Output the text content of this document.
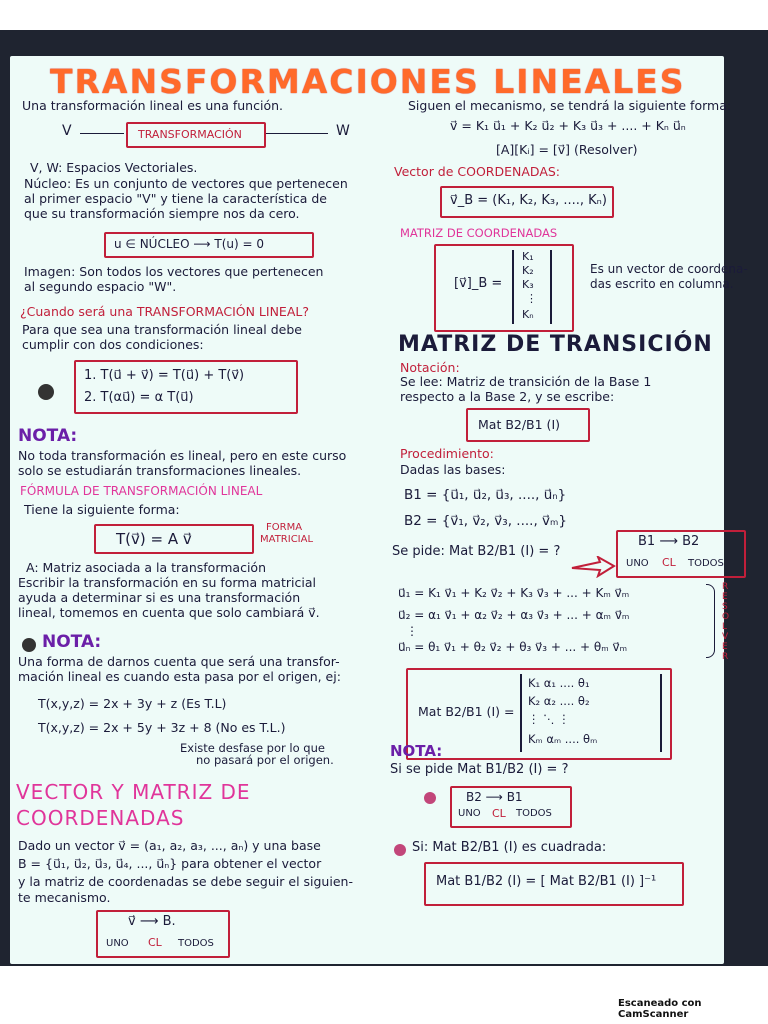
TRANSFORMACIONES LINEALES
Una transformación lineal es una función.
V	TRANSFORMACIÓN	W
V, W: Espacios Vectoriales.
Núcleo: Es un conjunto de vectores que pertenecen
al primer espacio "V" y tiene la característica de
que su transformación siempre nos da cero.
u ∈ NÚCLEO ⟶ T(u) = 0
Imagen: Son todos los vectores que pertenecen
al segundo espacio "W".
¿Cuando será una TRANSFORMACIÓN LINEAL?
Para que sea una transformación lineal debe
cumplir con dos condiciones:
1. T(u⃗ + v⃗) = T(u⃗) + T(v⃗)
2. T(αu⃗) = α T(u⃗)
NOTA:
No toda transformación es lineal, pero en este curso
solo se estudiarán transformaciones lineales.
FÓRMULA DE TRANSFORMACIÓN LINEAL
Tiene la siguiente forma:
T(v⃗) = A v⃗
FORMA
MATRICIAL
A: Matriz asociada a la transformación
Escribir la transformación en su forma matricial
ayuda a determinar si es una transformación
lineal, tomemos en cuenta que solo cambiará v⃗.
NOTA:
Una forma de darnos cuenta que será una transfor-
mación lineal es cuando esta pasa por el origen, ej:
T(x,y,z) = 2x + 3y + z (Es T.L)
T(x,y,z) = 2x + 5y + 3z + 8 (No es T.L.)
Existe desfase por lo que
no pasará por el origen.
VECTOR Y MATRIZ DE
COORDENADAS
Dado un vector v⃗ = (a₁, a₂, a₃, ..., aₙ) y una base
B = {u⃗₁, u⃗₂, u⃗₃, u⃗₄, ..., u⃗ₙ} para obtener el vector
y la matriz de coordenadas se debe seguir el siguien-
te mecanismo.
v⃗ ⟶ B.
UNO CL TODOS
Siguen el mecanismo, se tendrá la siguiente forma:
v⃗ = K₁ u⃗₁ + K₂ u⃗₂ + K₃ u⃗₃ + .... + Kₙ u⃗ₙ
[A][Kᵢ] = [v⃗] (Resolver)
Vector de COORDENADAS:
v⃗_B = (K₁, K₂, K₃, ...., Kₙ)
MATRIZ DE COORDENADAS
[v⃗]_B =
K₁
K₂
K₃
⋮
Kₙ
Es un vector de coordena-
das escrito en columna.
MATRIZ DE TRANSICIÓN
Notación:
Se lee: Matriz de transición de la Base 1
respecto a la Base 2, y se escribe:
Mat B2/B1 (I)
Procedimiento:
Dadas las bases:
B1 = {u⃗₁, u⃗₂, u⃗₃, ...., u⃗ₙ}
B2 = {v⃗₁, v⃗₂, v⃗₃, ...., v⃗ₘ}
Se pide: Mat B2/B1 (I) = ?
B1 ⟶ B2
UNO CL TODOS
u⃗₁ = K₁ v⃗₁ + K₂ v⃗₂ + K₃ v⃗₃ + ... + Kₘ v⃗ₘ
u⃗₂ = α₁ v⃗₁ + α₂ v⃗₂ + α₃ v⃗₃ + ... + αₘ v⃗ₘ
⋮
u⃗ₙ = θ₁ v⃗₁ + θ₂ v⃗₂ + θ₃ v⃗₃ + ... + θₘ v⃗ₘ
RESOLVER
Mat B2/B1 (I) =
K₁ α₁ .... θ₁
K₂ α₂ .... θ₂
⋮ ⋱ ⋮
Kₘ αₘ .... θₘ
NOTA:
Si se pide Mat B1/B2 (I) = ?
B2 ⟶ B1
UNO CL TODOS
Si: Mat B2/B1 (I) es cuadrada:
Mat B1/B2 (I) = [ Mat B2/B1 (I) ]⁻¹
Escaneado con CamScanner
